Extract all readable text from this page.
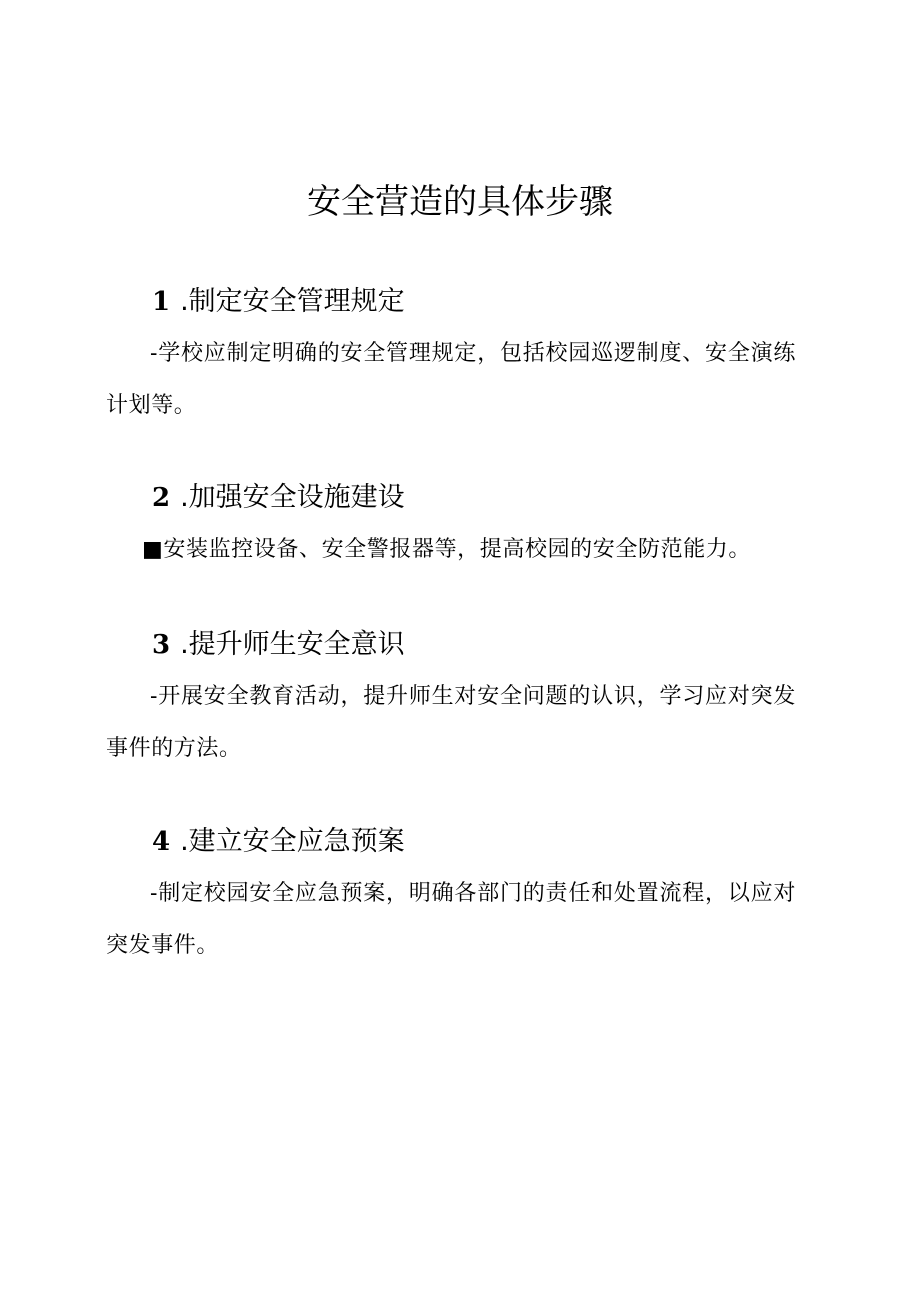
安全营造的具体步骤
1 .制定安全管理规定

-学校应制定明确的安全管理规定，包括校园巡逻制度、安全演练计划等。

2 .加强安全设施建设

■安装监控设备、安全警报器等，提高校园的安全防范能力。

3 .提升师生安全意识

-开展安全教育活动，提升师生对安全问题的认识，学习应对突发事件的方法。

4 .建立安全应急预案

-制定校园安全应急预案，明确各部门的责任和处置流程，以应对突发事件。
